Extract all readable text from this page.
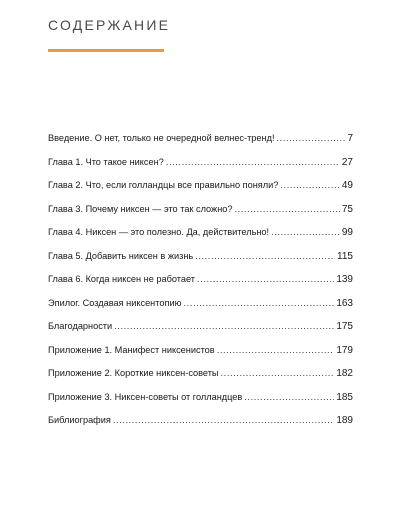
СОДЕРЖАНИЕ
Введение. О нет, только не очередной велнес-тренд! .....	7
Глава 1. Что такое никсен? .....	27
Глава 2. Что, если голландцы все правильно поняли? .....	49
Глава 3. Почему никсен — это так сложно? .....	75
Глава 4. Никсен — это полезно. Да, действительно! .....	99
Глава 5. Добавить никсен в жизнь .....	115
Глава 6. Когда никсен не работает .....	139
Эпилог. Создавая никсентопию .....	163
Благодарности .....	175
Приложение 1. Манифест никсенистов .....	179
Приложение 2. Короткие никсен-советы .....	182
Приложение 3. Никсен-советы от голландцев .....	185
Библиография .....	189
